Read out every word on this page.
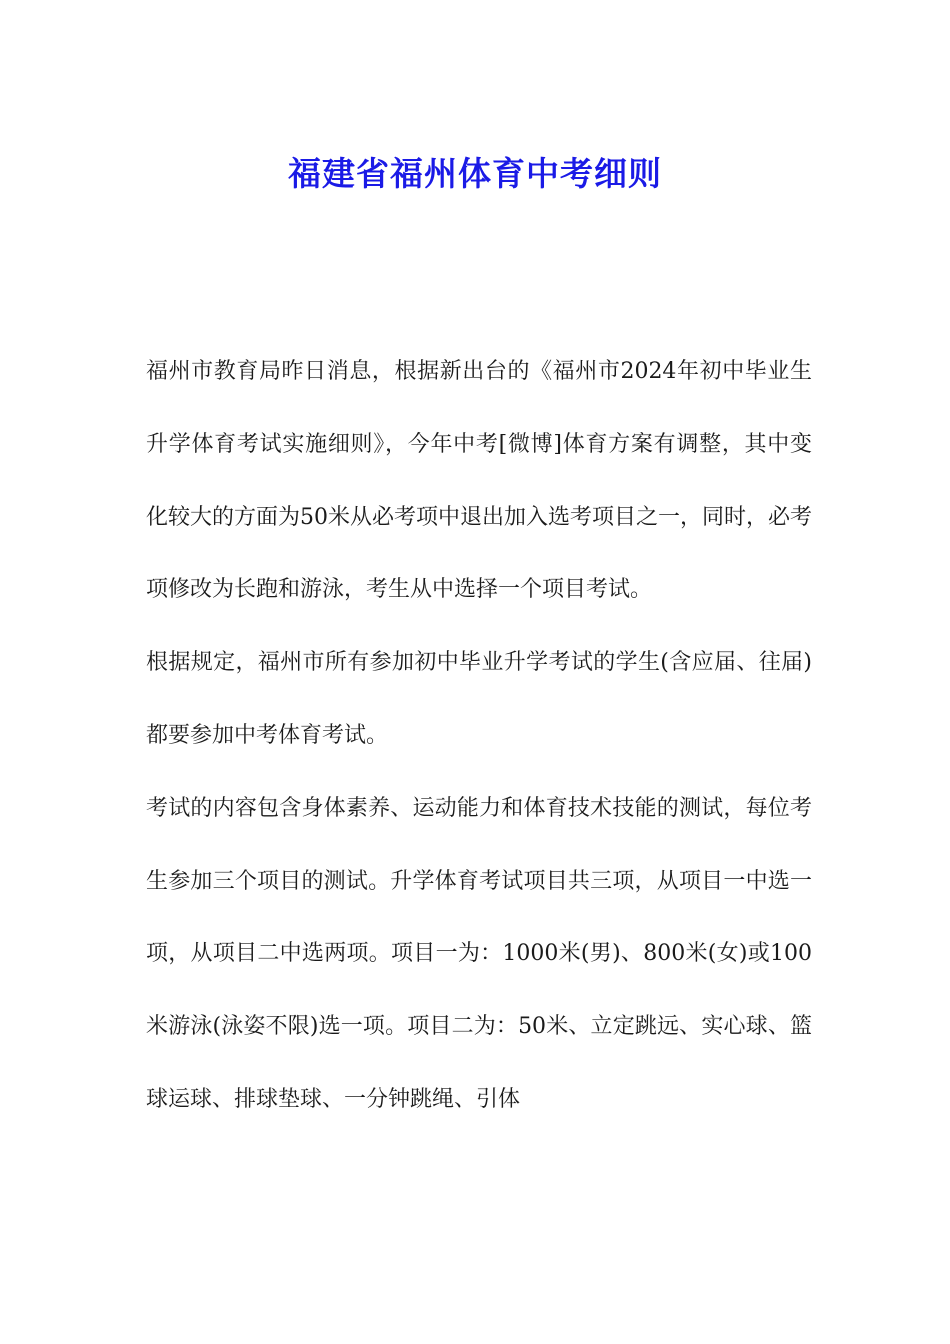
福建省福州体育中考细则

福州市教育局昨日消息，根据新出台的《福州市2024年初中毕业生升学体育考试实施细则》，今年中考[微博]体育方案有调整，其中变化较大的方面为50米从必考项中退出加入选考项目之一，同时，必考项修改为长跑和游泳，考生从中选择一个项目考试。

根据规定，福州市所有参加初中毕业升学考试的学生(含应届、往届)都要参加中考体育考试。

考试的内容包含身体素养、运动能力和体育技术技能的测试，每位考生参加三个项目的测试。升学体育考试项目共三项，从项目一中选一项，从项目二中选两项。项目一为：1000米(男)、800米(女)或100米游泳(泳姿不限)选一项。项目二为：50米、立定跳远、实心球、篮球运球、排球垫球、一分钟跳绳、引体
